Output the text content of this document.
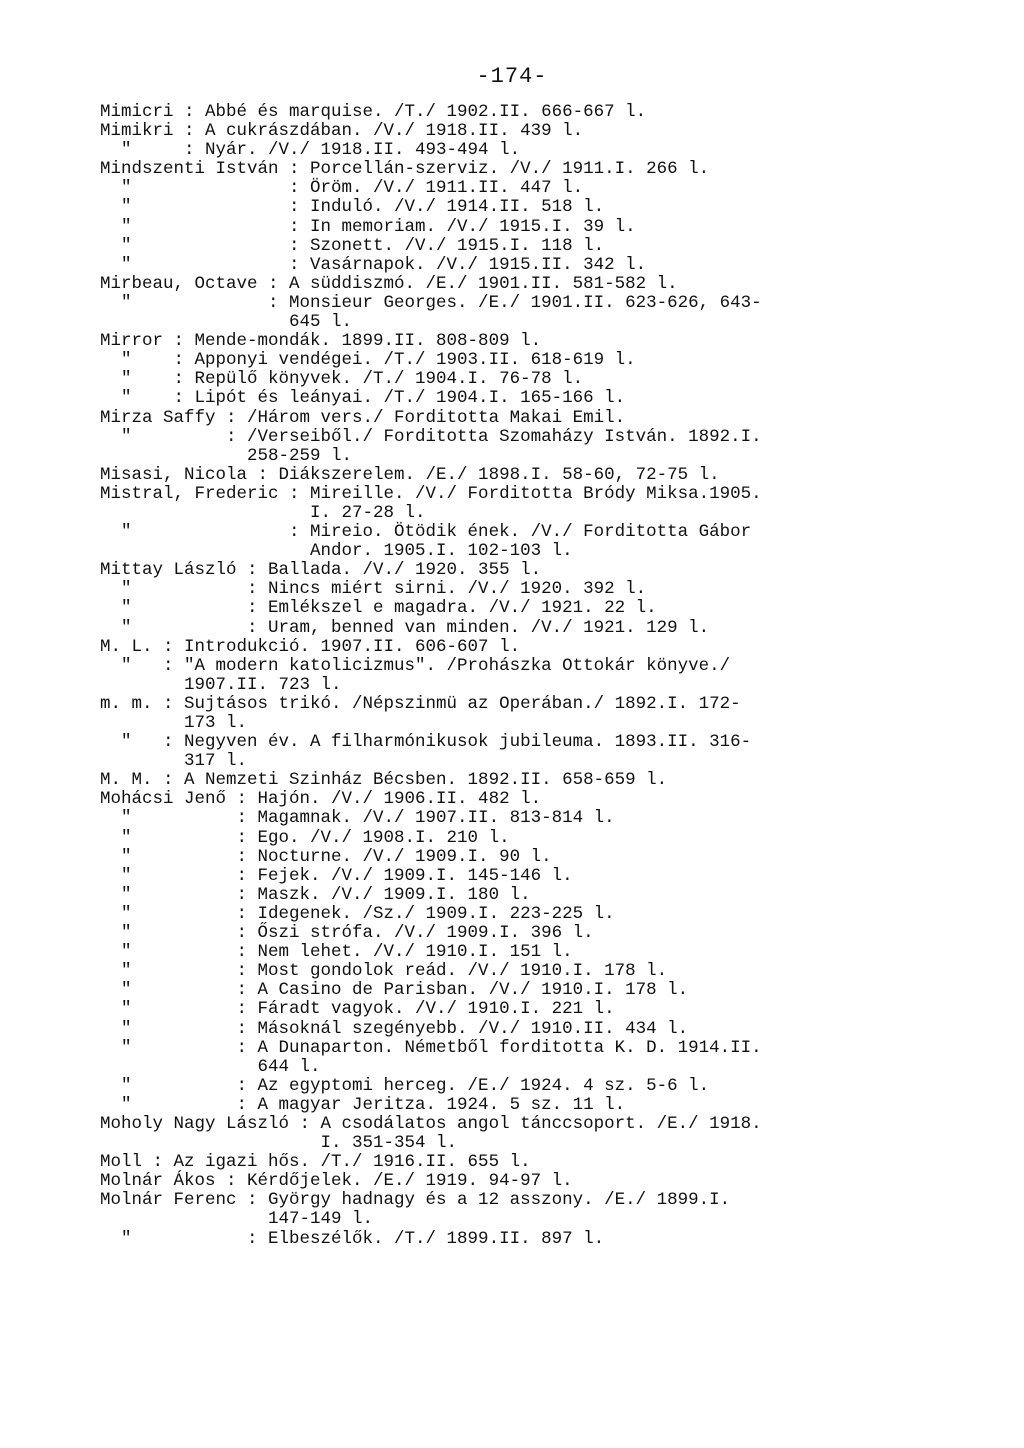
-174-
Mimicri : Abbé és marquise. /T./ 1902.II. 666-667 l.
Mimikri : A cukrászdában. /V./ 1918.II. 439 l.
"     : Nyár. /V./ 1918.II. 493-494 l.
Mindszenti István : Porcellán-szerviz. /V./ 1911.I. 266 l.
"               : Öröm. /V./ 1911.II. 447 l.
"               : Induló. /V./ 1914.II. 518 l.
"               : In memoriam. /V./ 1915.I. 39 l.
"               : Szonett. /V./ 1915.I. 118 l.
"               : Vasárnapok. /V./ 1915.II. 342 l.
Mirbeau, Octave : A süddiszmó. /E./ 1901.II. 581-582 l.
"             : Monsieur Georges. /E./ 1901.II. 623-626, 643-
645 l.
Mirror : Mende-mondák. 1899.II. 808-809 l.
"    : Apponyi vendégei. /T./ 1903.II. 618-619 l.
"    : Repülő könyvek. /T./ 1904.I. 76-78 l.
"    : Lipót és leányai. /T./ 1904.I. 165-166 l.
Mirza Saffy : /Három vers./ Forditotta Makai Emil.
"         : /Verseiből./ Forditotta Szomaházy István. 1892.I.
258-259 l.
Misasi, Nicola : Diákszerelem. /E./ 1898.I. 58-60, 72-75 l.
Mistral, Frederic : Mireille. /V./ Forditotta Bródy Miksa.1905.
I. 27-28 l.
"               : Mireio. Ötödik ének. /V./ Forditotta Gábor
Andor. 1905.I. 102-103 l.
Mittay László : Ballada. /V./ 1920. 355 l.
"           : Nincs miért sirni. /V./ 1920. 392 l.
"           : Emlékszel e magadra. /V./ 1921. 22 l.
"           : Uram, benned van minden. /V./ 1921. 129 l.
M. L. : Introdukció. 1907.II. 606-607 l.
"   : "A modern katolicizmus". /Prohászka Ottokár könyve./
1907.II. 723 l.
m. m. : Sujtásos trikó. /Népszinmü az Operában./ 1892.I. 172-
173 l.
"   : Negyven év. A filharmónikusok jubileuma. 1893.II. 316-
317 l.
M. M. : A Nemzeti Szinház Bécsben. 1892.II. 658-659 l.
Mohácsi Jenő : Hajón. /V./ 1906.II. 482 l.
"          : Magamnak. /V./ 1907.II. 813-814 l.
"          : Ego. /V./ 1908.I. 210 l.
"          : Nocturne. /V./ 1909.I. 90 l.
"          : Fejek. /V./ 1909.I. 145-146 l.
"          : Maszk. /V./ 1909.I. 180 l.
"          : Idegenek. /Sz./ 1909.I. 223-225 l.
"          : Őszi strófa. /V./ 1909.I. 396 l.
"          : Nem lehet. /V./ 1910.I. 151 l.
"          : Most gondolok reád. /V./ 1910.I. 178 l.
"          : A Casino de Parisban. /V./ 1910.I. 178 l.
"          : Fáradt vagyok. /V./ 1910.I. 221 l.
"          : Másoknál szegényebb. /V./ 1910.II. 434 l.
"          : A Dunaparton. Németből forditotta K. D. 1914.II.
644 l.
"          : Az egyptomi herceg. /E./ 1924. 4 sz. 5-6 l.
"          : A magyar Jeritza. 1924. 5 sz. 11 l.
Moholy Nagy László : A csodálatos angol tánccsoport. /E./ 1918.
I. 351-354 l.
Moll : Az igazi hős. /T./ 1916.II. 655 l.
Molnár Ákos : Kérdőjelek. /E./ 1919. 94-97 l.
Molnár Ferenc : György hadnagy és a 12 asszony. /E./ 1899.I.
147-149 l.
"           : Elbeszélők. /T./ 1899.II. 897 l.
